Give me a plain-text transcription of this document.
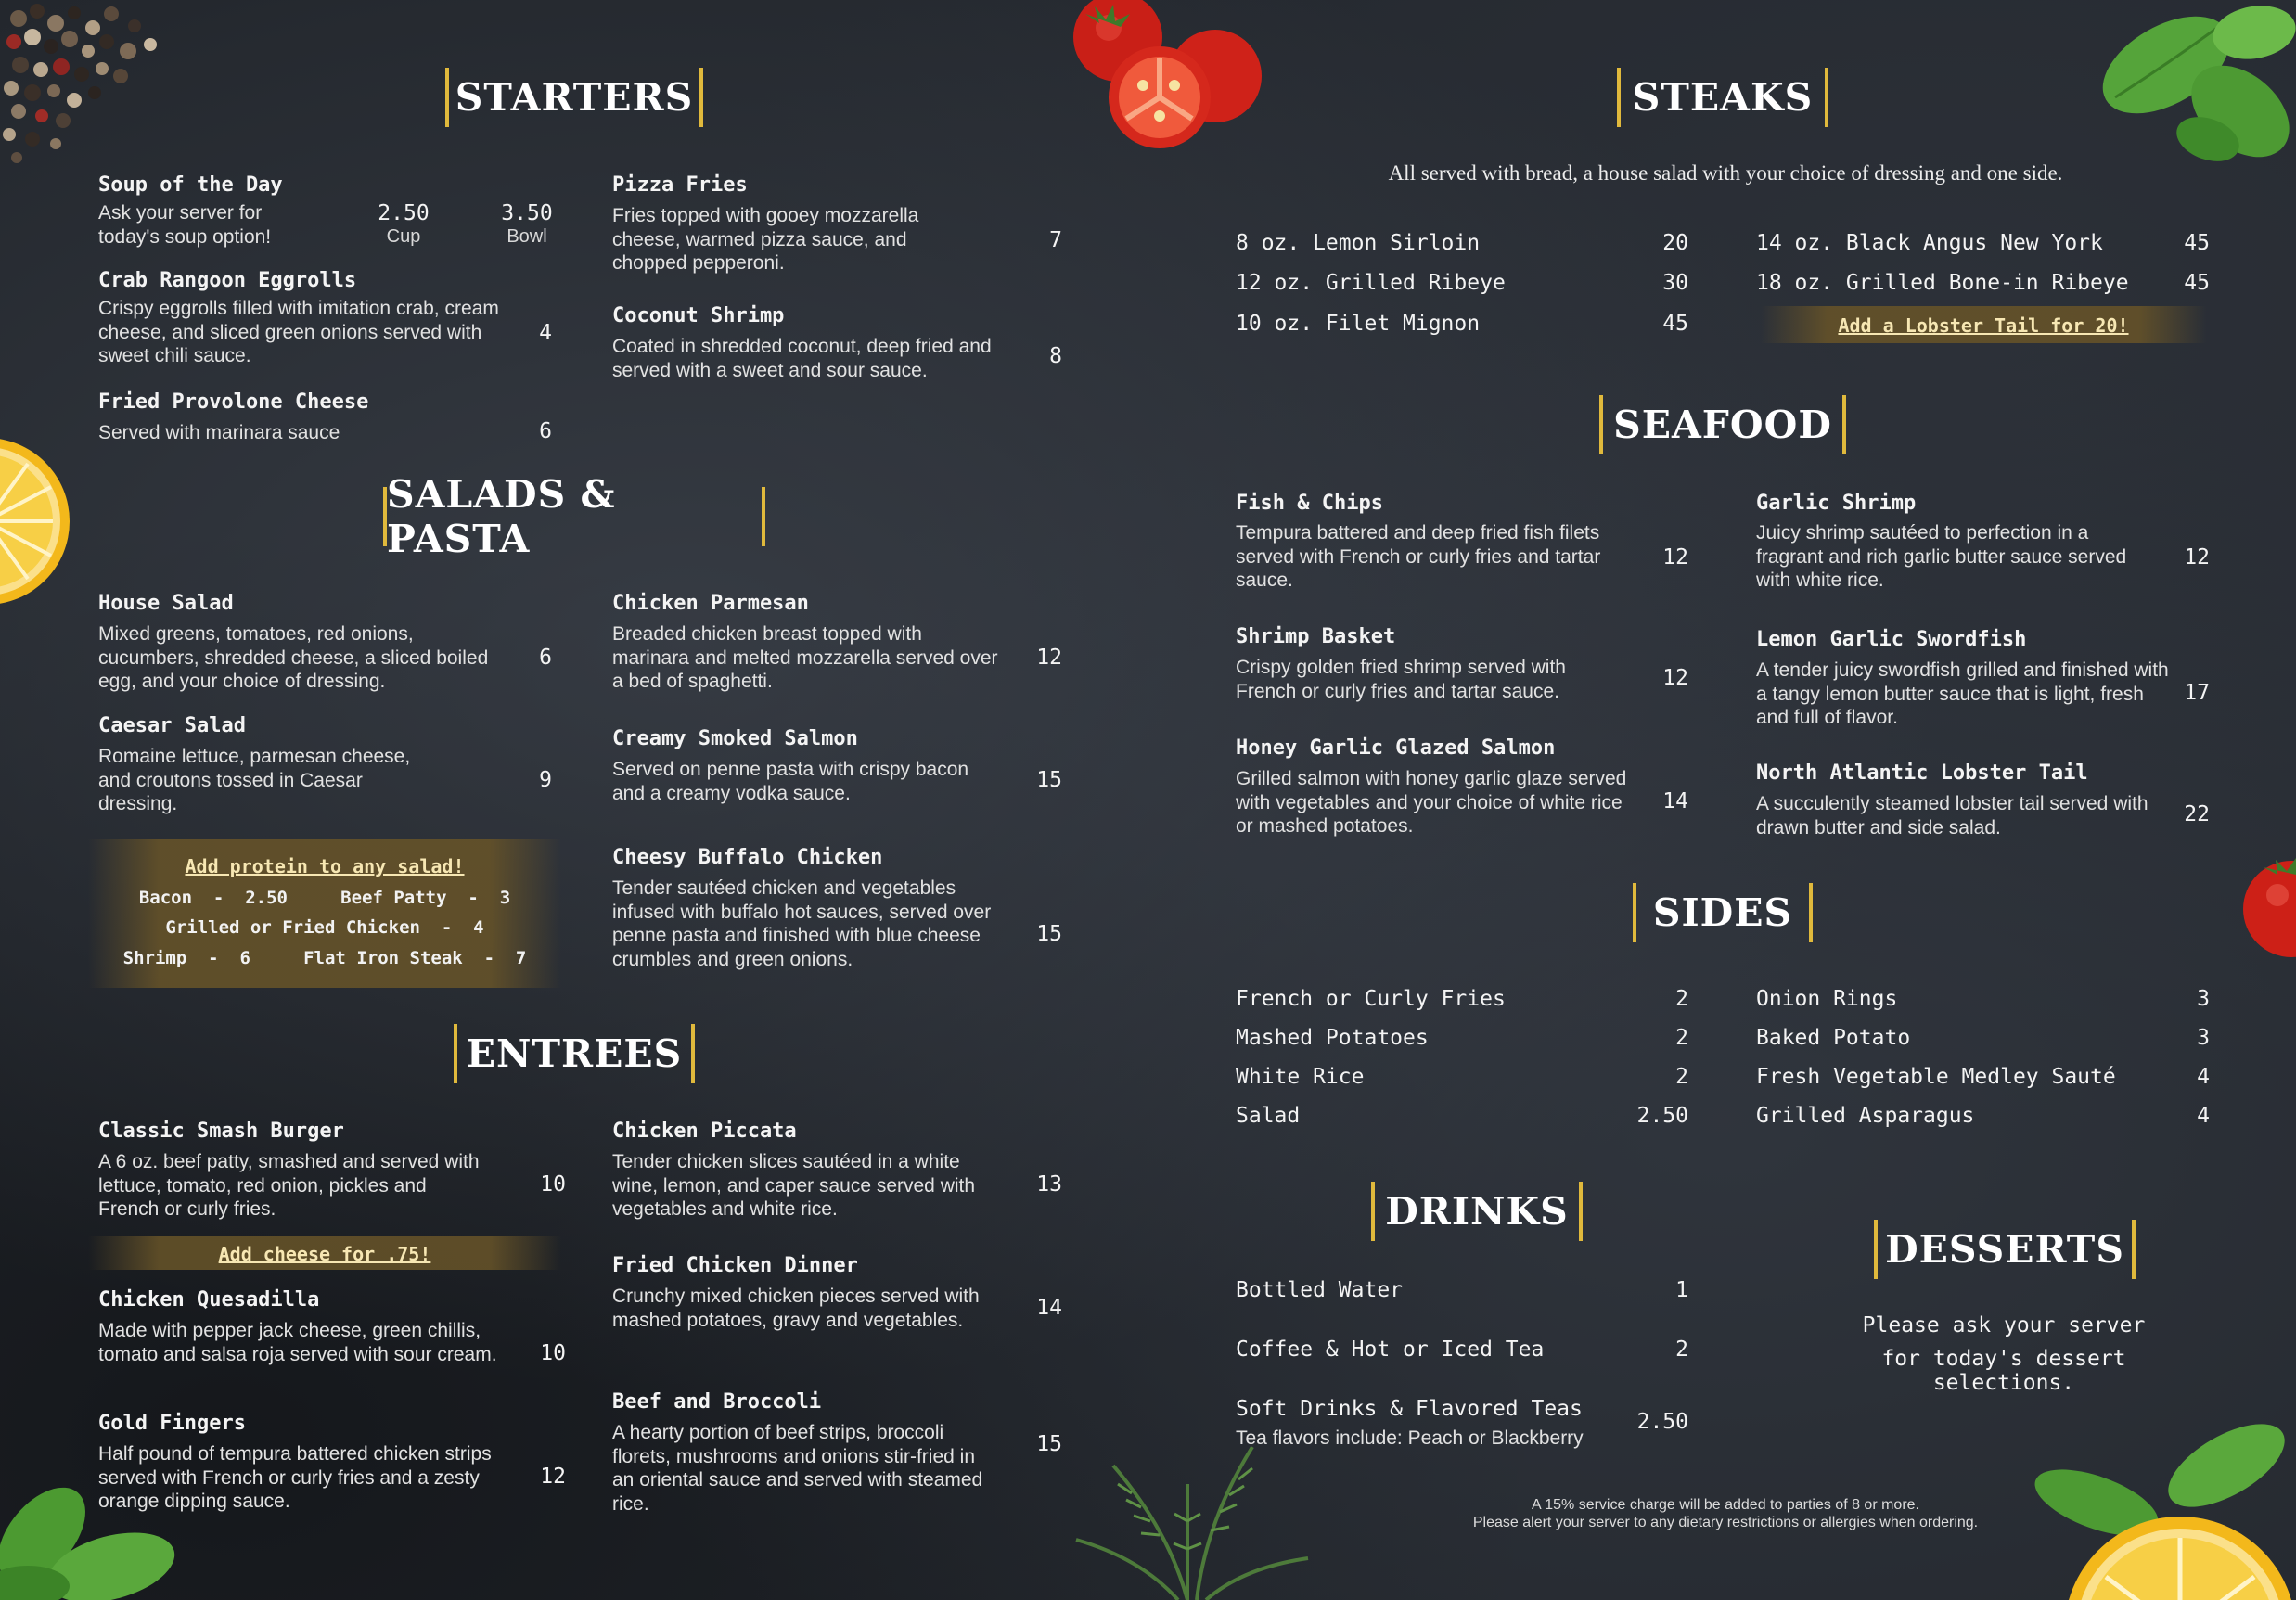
STARTERS
Soup of the Day
Ask your server for today's soup option!
2.50
Cup
3.50
Bowl
Crab Rangoon Eggrolls
Crispy eggrolls filled with imitation crab, cream cheese, and sliced green onions served with sweet chili sauce.
4
Fried Provolone Cheese
Served with marinara sauce	6
Pizza Fries
Fries topped with gooey mozzarella cheese, warmed pizza sauce, and chopped pepperoni.
7
Coconut Shrimp
Coated in shredded coconut, deep fried and served with a sweet and sour sauce.
8
SALADS & PASTA
House Salad
Mixed greens, tomatoes, red onions, cucumbers, shredded cheese, a sliced boiled egg, and your choice of dressing.
6
Caesar Salad
Romaine lettuce, parmesan cheese, and croutons tossed in Caesar dressing.
9
Add protein to any salad!
Bacon  -  2.50     Beef Patty  -  3
Grilled or Fried Chicken  -  4
Shrimp  -  6     Flat Iron Steak  -  7
Chicken Parmesan
Breaded chicken breast topped with marinara and melted mozzarella served over a bed of spaghetti.
12
Creamy Smoked Salmon
Served on penne pasta with crispy bacon and a creamy vodka sauce.
15
Cheesy Buffalo Chicken
Tender sautéed chicken and vegetables infused with buffalo hot sauces, served over penne pasta and finished with blue cheese crumbles and green onions.
15
ENTREES
Classic Smash Burger
A 6 oz. beef patty, smashed and served with lettuce, tomato, red onion, pickles and French or curly fries.
10
Add cheese for .75!
Chicken Quesadilla
Made with pepper jack cheese, green chillis, tomato and salsa roja served with sour cream.	10
Gold Fingers
Half pound of tempura battered chicken strips served with French or curly fries and a zesty orange dipping sauce.
12
Chicken Piccata
Tender chicken slices sautéed in a white wine, lemon, and caper sauce served with vegetables and white rice.
13
Fried Chicken Dinner
Crunchy mixed chicken pieces served with mashed potatoes, gravy and vegetables.	14
Beef and Broccoli
A hearty portion of beef strips, broccoli florets, mushrooms and onions stir-fried in an oriental sauce and served with steamed rice.
15
STEAKS
All served with bread, a house salad with your choice of dressing and one side.
8 oz. Lemon Sirloin	20
12 oz. Grilled Ribeye	30
10 oz. Filet Mignon	45
14 oz. Black Angus New York	45
18 oz. Grilled Bone-in Ribeye	45
Add a Lobster Tail for 20!
SEAFOOD
Fish & Chips
Tempura battered and deep fried fish filets served with French or curly fries and tartar sauce.
12
Shrimp Basket
Crispy golden fried shrimp served with French or curly fries and tartar sauce.
12
Honey Garlic Glazed Salmon
Grilled salmon with honey garlic glaze served with vegetables and your choice of white rice or mashed potatoes.
14
Garlic Shrimp
Juicy shrimp sautéed to perfection in a fragrant and rich garlic butter sauce served with white rice.
12
Lemon Garlic Swordfish
A tender juicy swordfish grilled and finished with a tangy lemon butter sauce that is light, fresh and full of flavor.
17
North Atlantic Lobster Tail
A succulently steamed lobster tail served with drawn butter and side salad.
22
SIDES
French or Curly Fries	2
Mashed Potatoes	2
White Rice	2
Salad	2.50
Onion Rings	3
Baked Potato	3
Fresh Vegetable Medley Sauté	4
Grilled Asparagus	4
DRINKS
Bottled Water	1
Coffee & Hot or Iced Tea	2
Soft Drinks & Flavored Teas
2.50
Tea flavors include: Peach or Blackberry
DESSERTS
Please ask your server
for today's dessert selections.
A 15% service charge will be added to parties of 8 or more.
Please alert your server to any dietary restrictions or allergies when ordering.
